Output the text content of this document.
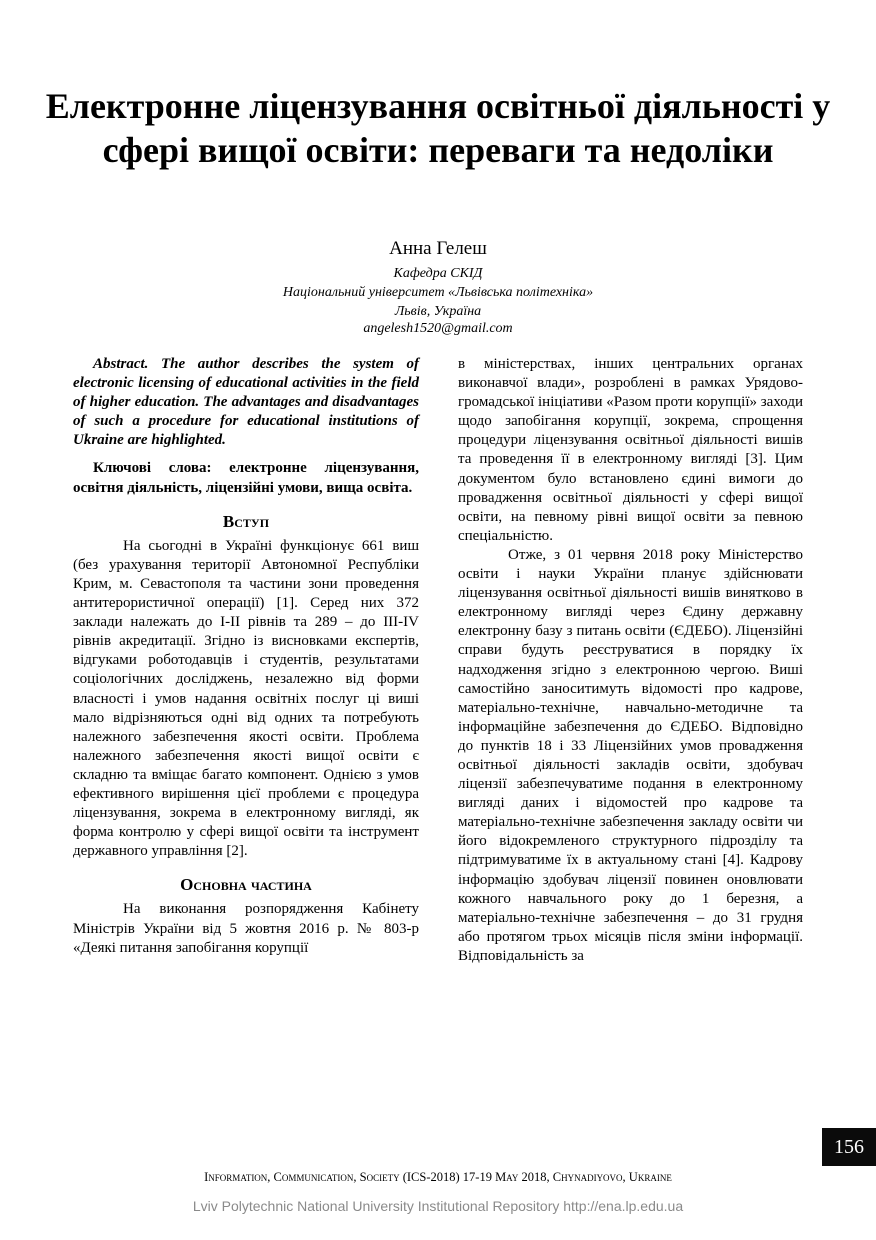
Електронне ліцензування освітньої діяльності у сфері вищої освіти: переваги та недоліки
Анна Гелеш
Кафедра СКІД
Національний університет «Львівська політехніка»
Львів, Україна
angelesh1520@gmail.com

Abstract. The author describes the system of electronic licensing of educational activities in the field of higher education. The advantages and disadvantages of such a procedure for educational institutions of Ukraine are highlighted.

Ключові слова: електронне ліцензування, освітня діяльність, ліцензійні умови, вища освіта.

Вступ

На сьогодні в Україні функціонує 661 виш (без урахування території Автономної Республіки Крим, м. Севастополя та частини зони проведення антитерористичної операції) [1]. Серед них 372 заклади належать до I-II рівнів та 289 – до III-IV рівнів акредитації. Згідно із висновками експертів, відгуками роботодавців і студентів, результатами соціологічних досліджень, незалежно від форми власності і умов надання освітніх послуг ці виші мало відрізняються одні від одних та потребують належного забезпечення якості освіти. Проблема належного забезпечення якості вищої освіти є складню та вміщає багато компонент. Однією з умов ефективного вирішення цієї проблеми є процедура ліцензування, зокрема в електронному вигляді, як форма контролю у сфері вищої освіти та інструмент державного управління [2].

Основна частина

На виконання розпорядження Кабінету Міністрів України від 5 жовтня 2016 р. № 803-р «Деякі питання запобігання корупції

в міністерствах, інших центральних органах виконавчої влади», розроблені в рамках Урядово-громадської ініціативи «Разом проти корупції» заходи щодо запобігання корупції, зокрема, спрощення процедури ліцензування освітньої діяльності вишів та проведення її в електронному вигляді [3]. Цим документом було встановлено єдині вимоги до провадження освітньої діяльності у сфері вищої освіти, на певному рівні вищої освіти за певною спеціальністю.

Отже, з 01 червня 2018 року Міністерство освіти і науки України планує здійснювати ліцензування освітньої діяльності вишів винятково в електронному вигляді через Єдину державну електронну базу з питань освіти (ЄДЕБО). Ліцензійні справи будуть реєструватися в порядку їх надходження згідно з електронною чергою. Виші самостійно заноситимуть відомості про кадрове, матеріально-технічне, навчально-методичне та інформаційне забезпечення до ЄДЕБО. Відповідно до пунктів 18 і 33 Ліцензійних умов провадження освітньої діяльності закладів освіти, здобувач ліцензії забезпечуватиме подання в електронному вигляді даних і відомостей про кадрове та матеріально-технічне забезпечення закладу освіти чи його відокремленого структурного підрозділу та підтримуватиме їх в актуальному стані [4]. Кадрову інформацію здобувач ліцензії повинен оновлювати кожного навчального року до 1 березня, а матеріально-технічне забезпечення – до 31 грудня або протягом трьох місяців після зміни інформації. Відповідальність за

156
Information, Communication, Society (ICS-2018) 17-19 May 2018, Chynadiyovo, Ukraine
Lviv Polytechnic National University Institutional Repository http://ena.lp.edu.ua
